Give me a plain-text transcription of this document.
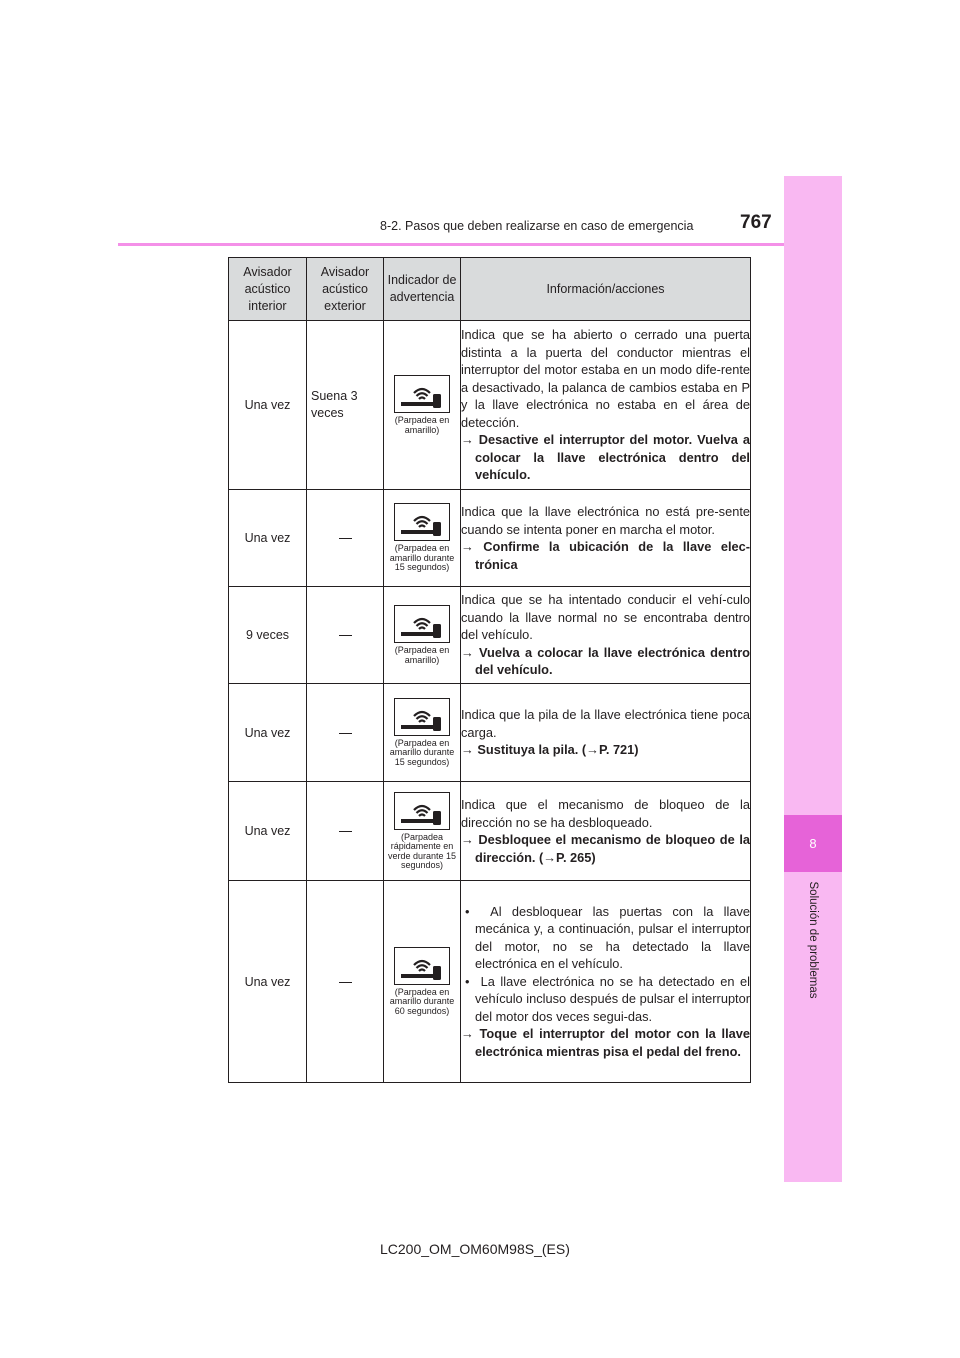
8
Solución de problemas
8-2. Pasos que deben realizarse en caso de emergencia 767
Avisador acústico interior	Avisador acústico exterior	Indicador de advertencia	Información/acciones
Una vez	Suena 3 veces	(Parpadea en amarillo)	Indica que se ha abierto o cerrado una puerta distinta a la puerta del conductor mientras el interruptor del motor estaba en un modo dife-rente a desactivado, la palanca de cambios estaba en P y la llave electrónica no estaba en el área de detección.
→ Desactive el interruptor del motor. Vuelva a colocar la llave electrónica dentro del vehículo.

Una vez		(Parpadea en amarillo durante 15 segundos)	Indica que la llave electrónica no está pre-sente cuando se intenta poner en marcha el motor.
→ Confirme la ubicación de la llave elec-trónica

9 veces		(Parpadea en amarillo)	Indica que se ha intentado conducir el vehí-culo cuando la llave normal no se encontraba dentro del vehículo.
→ Vuelva a colocar la llave electrónica dentro del vehículo.

Una vez		(Parpadea en amarillo durante 15 segundos)	Indica que la pila de la llave electrónica tiene poca carga.
→ Sustituya la pila. (→P. 721)

Una vez		(Parpadea rápidamente en verde durante 15 segundos)	Indica que el mecanismo de bloqueo de la dirección no se ha desbloqueado.
→ Desbloquee el mecanismo de bloqueo de la dirección. (→P. 265)

Una vez		(Parpadea en amarillo durante 60 segundos)	•  Al desbloquear las puertas con la llave mecánica y, a continuación, pulsar el interruptor del motor, no se ha detectado la llave electrónica en el vehículo.
•  La llave electrónica no se ha detectado en el vehículo incluso después de pulsar el interruptor del motor dos veces segui-das.
→ Toque el interruptor del motor con la llave electrónica mientras pisa el pedal del freno.
LC200_OM_OM60M98S_(ES)
